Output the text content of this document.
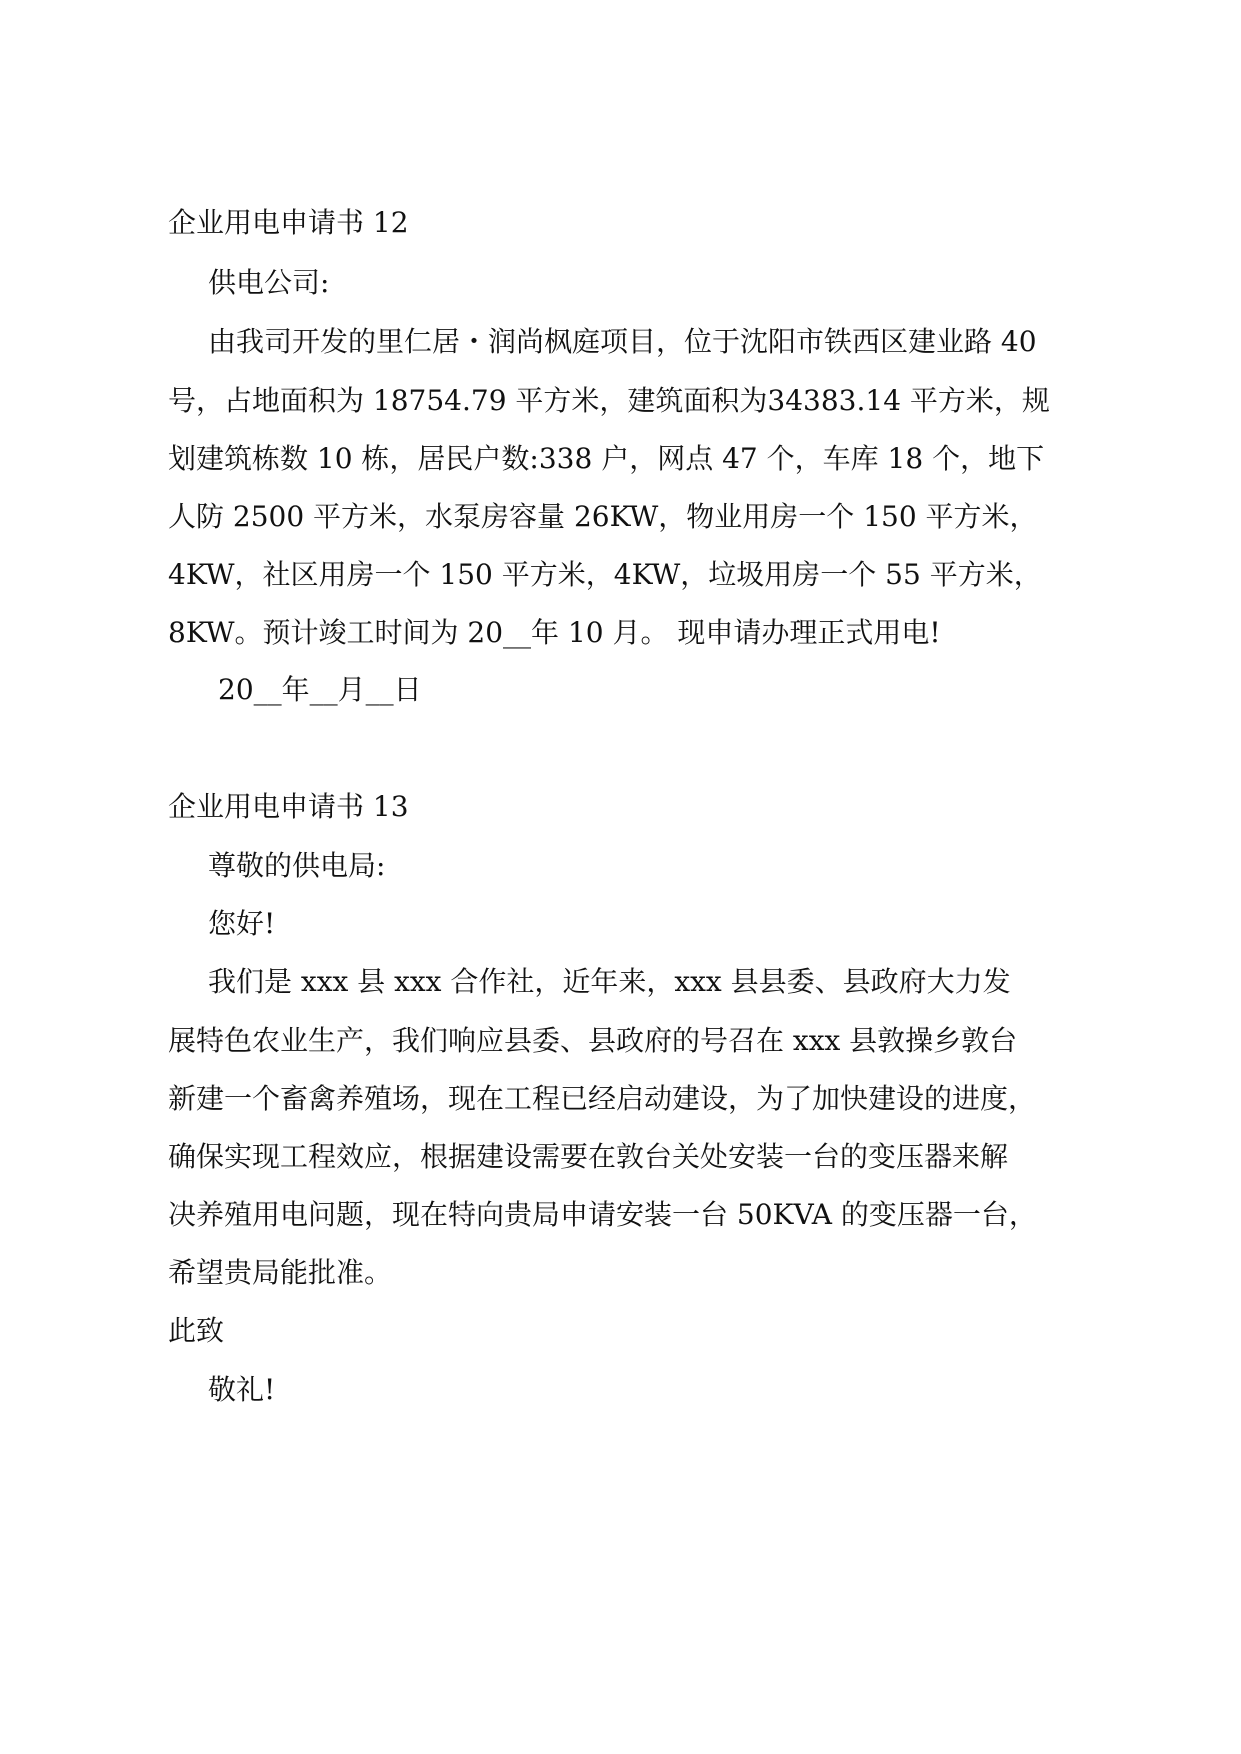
企业用电申请书 12
供电公司:
由我司开发的里仁居・润尚枫庭项目，位于沈阳市铁西区建业路 40
号，占地面积为 18754.79 平方米，建筑面积为34383.14 平方米，规
划建筑栋数 10 栋，居民户数:338 户，网点 47 个，车库 18 个，地下
人防 2500 平方米，水泵房容量 26KW，物业用房一个 150 平方米，
4KW，社区用房一个 150 平方米，4KW，垃圾用房一个 55 平方米，
8KW。预计竣工时间为 20__年 10 月。 现申请办理正式用电!
20__年__月__日
企业用电申请书 13
尊敬的供电局:
您好!
我们是 xxx 县 xxx 合作社，近年来，xxx 县县委、县政府大力发
展特色农业生产，我们响应县委、县政府的号召在 xxx 县敦操乡敦台
新建一个畜禽养殖场，现在工程已经启动建设，为了加快建设的进度，
确保实现工程效应，根据建设需要在敦台关处安装一台的变压器来解
决养殖用电问题，现在特向贵局申请安装一台 50KVA 的变压器一台，
希望贵局能批准。
此致
敬礼!
